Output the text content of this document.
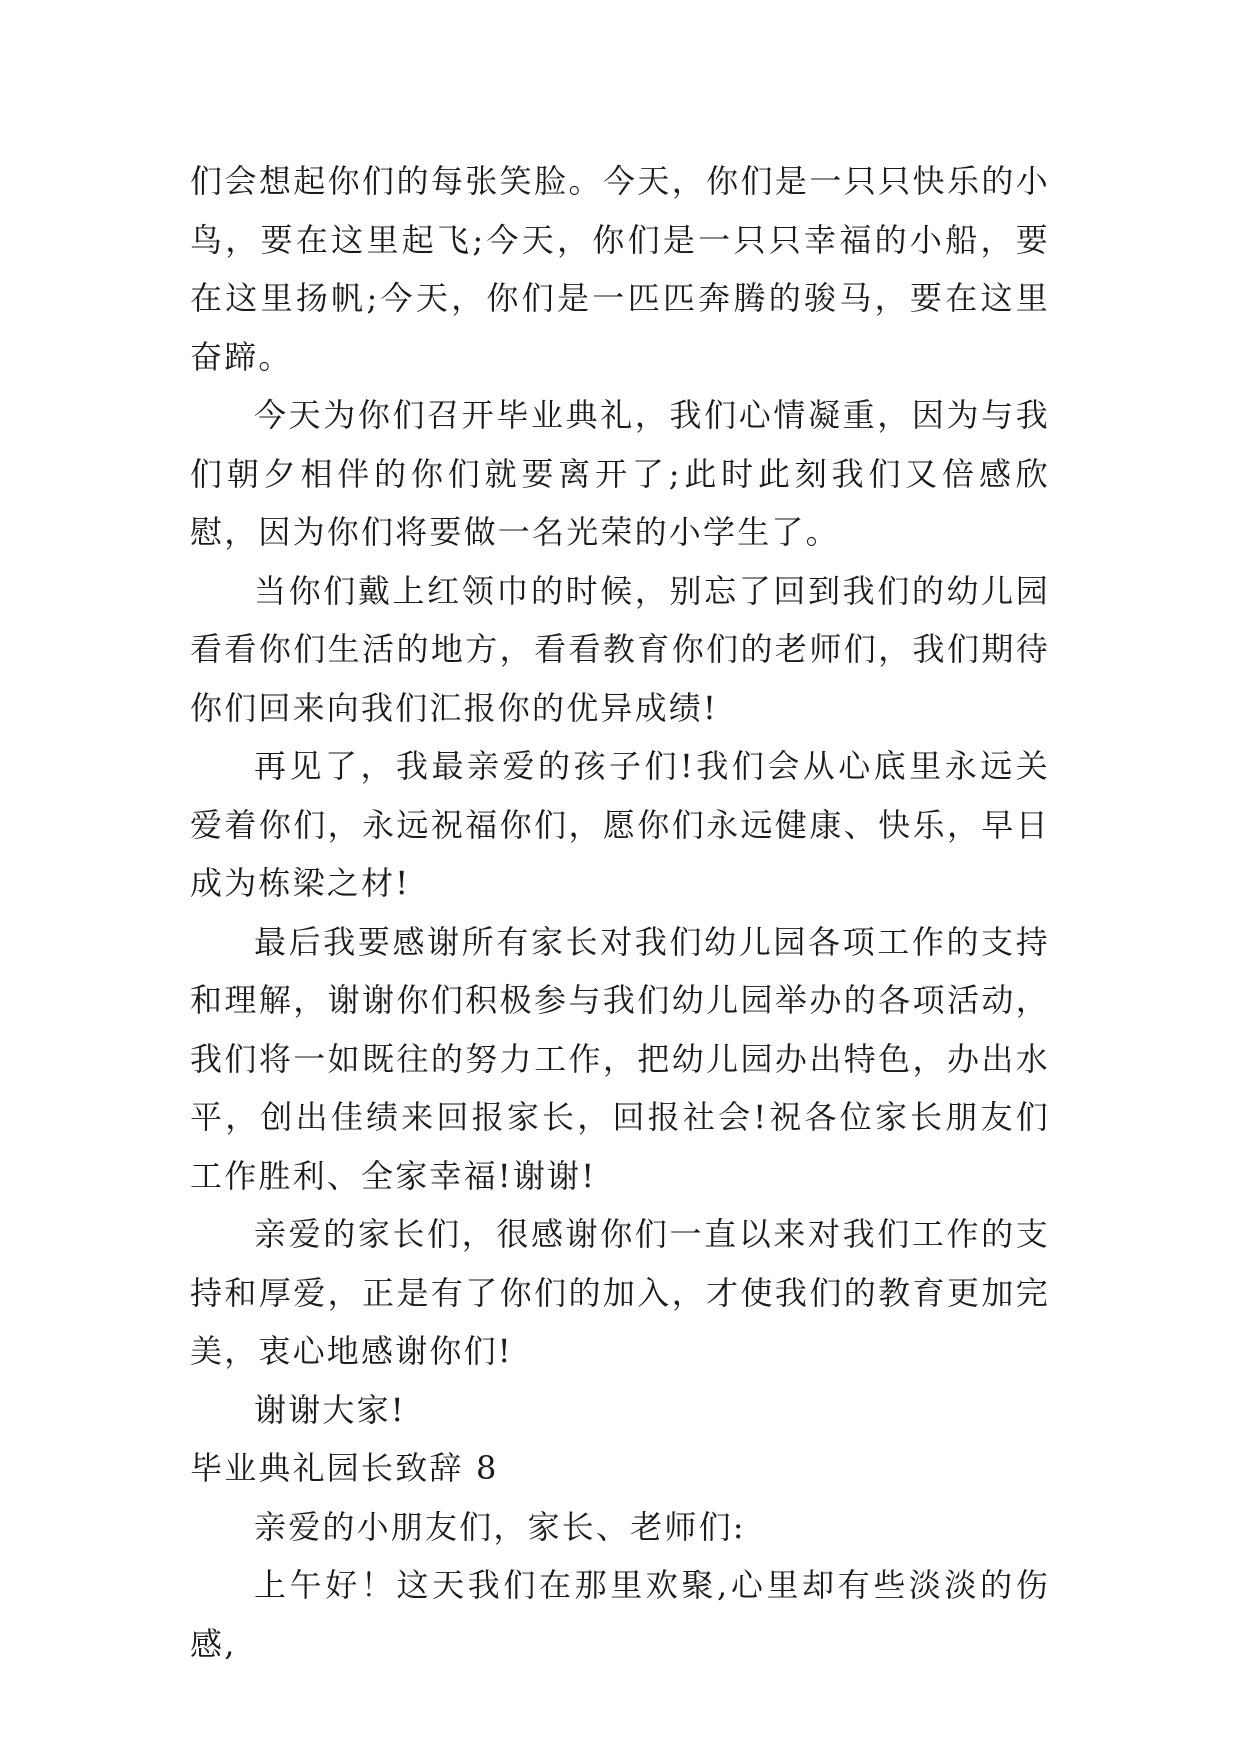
们会想起你们的每张笑脸。今天，你们是一只只快乐的小鸟，要在这里起飞;今天，你们是一只只幸福的小船，要在这里扬帆;今天，你们是一匹匹奔腾的骏马，要在这里奋蹄。

今天为你们召开毕业典礼，我们心情凝重，因为与我们朝夕相伴的你们就要离开了;此时此刻我们又倍感欣慰，因为你们将要做一名光荣的小学生了。

当你们戴上红领巾的时候，别忘了回到我们的幼儿园看看你们生活的地方，看看教育你们的老师们，我们期待你们回来向我们汇报你的优异成绩!

再见了，我最亲爱的孩子们!我们会从心底里永远关爱着你们，永远祝福你们，愿你们永远健康、快乐，早日成为栋梁之材!

最后我要感谢所有家长对我们幼儿园各项工作的支持和理解，谢谢你们积极参与我们幼儿园举办的各项活动，我们将一如既往的努力工作，把幼儿园办出特色，办出水平，创出佳绩来回报家长，回报社会!祝各位家长朋友们工作胜利、全家幸福!谢谢!

亲爱的家长们，很感谢你们一直以来对我们工作的支持和厚爱，正是有了你们的加入，才使我们的教育更加完美，衷心地感谢你们!

谢谢大家!

毕业典礼园长致辞 8

亲爱的小朋友们，家长、老师们:

上午好！这天我们在那里欢聚,心里却有些淡淡的伤感,
